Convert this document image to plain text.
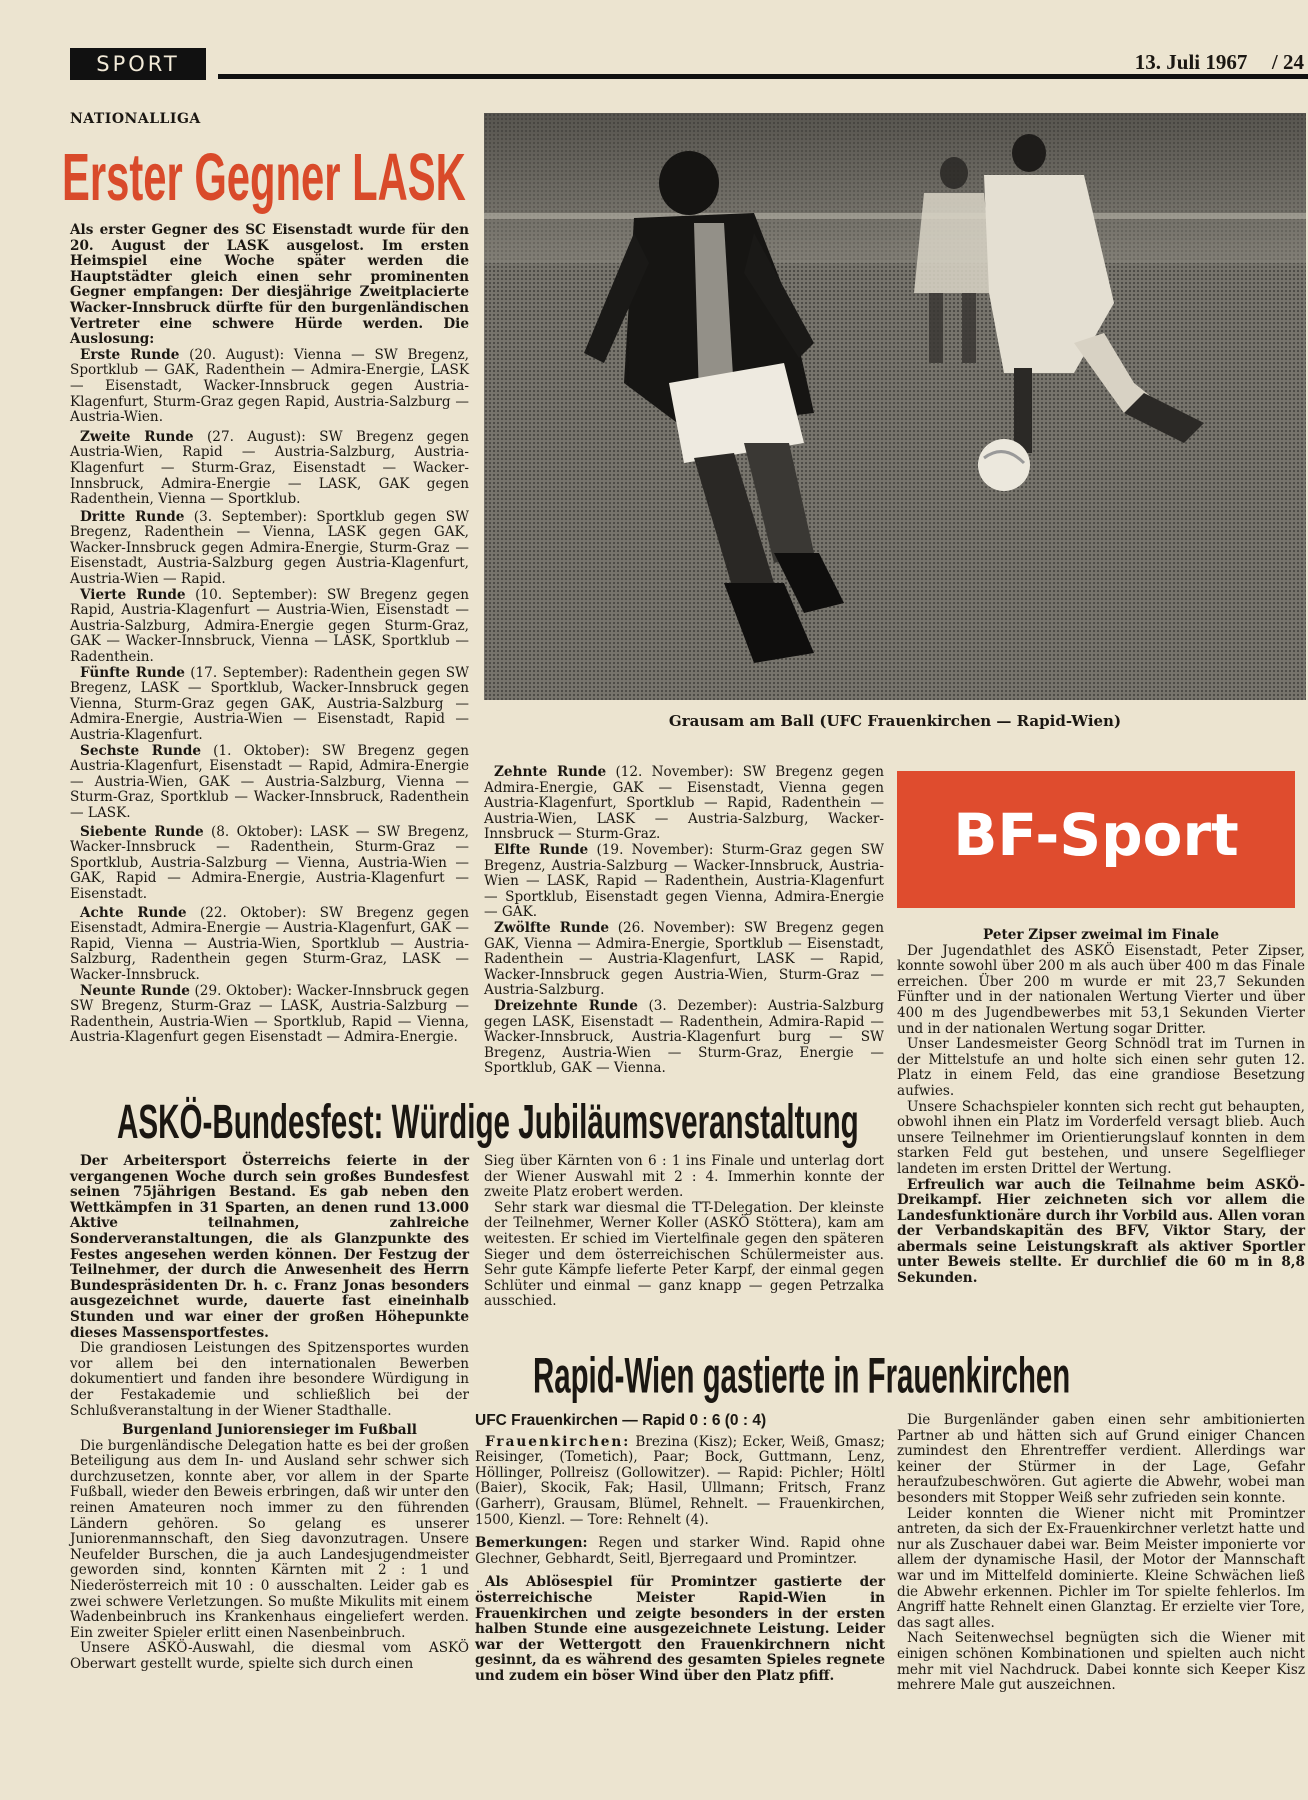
SPORT	13. Juli 1967 / 24
NATIONALLIGA
Erster Gegner LASK

Als erster Gegner des SC Eisenstadt wurde für den 20. August der LASK ausgelost. Im ersten Heimspiel eine Woche später werden die Hauptstädter gleich einen sehr prominenten Gegner empfangen: Der diesjährige Zweitplacierte Wacker-Innsbruck dürfte für den burgenländischen Vertreter eine schwere Hürde werden. Die Auslosung:

Erste Runde (20. August): Vienna — SW Bregenz, Sportklub — GAK, Radenthein — Admira-Energie, LASK — Eisenstadt, Wacker-Innsbruck gegen Austria-Klagenfurt, Sturm-Graz gegen Rapid, Austria-Salzburg — Austria-Wien.

Zweite Runde (27. August): SW Bregenz gegen Austria-Wien, Rapid — Austria-Salzburg, Austria-Klagenfurt — Sturm-Graz, Eisenstadt — Wacker-Innsbruck, Admira-Energie — LASK, GAK gegen Radenthein, Vienna — Sportklub.

Dritte Runde (3. September): Sportklub gegen SW Bregenz, Radenthein — Vienna, LASK gegen GAK, Wacker-Innsbruck gegen Admira-Energie, Sturm-Graz — Eisenstadt, Austria-Salzburg gegen Austria-Klagenfurt, Austria-Wien — Rapid.

Vierte Runde (10. September): SW Bregenz gegen Rapid, Austria-Klagenfurt — Austria-Wien, Eisenstadt — Austria-Salzburg, Admira-Energie gegen Sturm-Graz, GAK — Wacker-Innsbruck, Vienna — LASK, Sportklub — Radenthein.

Fünfte Runde (17. September): Radenthein gegen SW Bregenz, LASK — Sportklub, Wacker-Innsbruck gegen Vienna, Sturm-Graz gegen GAK, Austria-Salzburg — Admira-Energie, Austria-Wien — Eisenstadt, Rapid — Austria-Klagenfurt.

Sechste Runde (1. Oktober): SW Bregenz gegen Austria-Klagenfurt, Eisenstadt — Rapid, Admira-Energie — Austria-Wien, GAK — Austria-Salzburg, Vienna — Sturm-Graz, Sportklub — Wacker-Innsbruck, Radenthein — LASK.

Siebente Runde (8. Oktober): LASK — SW Bregenz, Wacker-Innsbruck — Radenthein, Sturm-Graz — Sportklub, Austria-Salzburg — Vienna, Austria-Wien — GAK, Rapid — Admira-Energie, Austria-Klagenfurt — Eisenstadt.

Achte Runde (22. Oktober): SW Bregenz gegen Eisenstadt, Admira-Energie — Austria-Klagenfurt, GAK — Rapid, Vienna — Austria-Wien, Sportklub — Austria-Salzburg, Radenthein gegen Sturm-Graz, LASK — Wacker-Innsbruck.

Neunte Runde (29. Oktober): Wacker-Innsbruck gegen SW Bregenz, Sturm-Graz — LASK, Austria-Salzburg — Radenthein, Austria-Wien — Sportklub, Rapid — Vienna, Austria-Klagenfurt gegen Eisenstadt — Admira-Energie.

Zehnte Runde (12. November): SW Bregenz gegen Admira-Energie, GAK — Eisenstadt, Vienna gegen Austria-Klagenfurt, Sportklub — Rapid, Radenthein — Austria-Wien, LASK — Austria-Salzburg, Wacker-Innsbruck — Sturm-Graz.

Elfte Runde (19. November): Sturm-Graz gegen SW Bregenz, Austria-Salzburg — Wacker-Innsbruck, Austria-Wien — LASK, Rapid — Radenthein, Austria-Klagenfurt — Sportklub, Eisenstadt gegen Vienna, Admira-Energie — GAK.

Zwölfte Runde (26. November): SW Bregenz gegen GAK, Vienna — Admira-Energie, Sportklub — Eisenstadt, Radenthein — Austria-Klagenfurt, LASK — Rapid, Wacker-Innsbruck gegen Austria-Wien, Sturm-Graz — Austria-Salzburg.

Dreizehnte Runde (3. Dezember): Austria-Salzburg gegen LASK, Eisenstadt — Radenthein, Admira-Rapid — Wacker-Innsbruck, Austria-Klagenfurt burg — SW Bregenz, Austria-Wien — Sturm-Graz, Energie — Sportklub, GAK — Vienna.

Grausam am Ball (UFC Frauenkirchen — Rapid-Wien)
BF-Sport

Peter Zipser zweimal im Finale

Der Jugendathlet des ASKÖ Eisenstadt, Peter Zipser, konnte sowohl über 200 m als auch über 400 m das Finale erreichen. Über 200 m wurde er mit 23,7 Sekunden Fünfter und in der nationalen Wertung Vierter und über 400 m des Jugendbewerbes mit 53,1 Sekunden Vierter und in der nationalen Wertung sogar Dritter.

Unser Landesmeister Georg Schnödl trat im Turnen in der Mittelstufe an und holte sich einen sehr guten 12. Platz in einem Feld, das eine grandiose Besetzung aufwies.

Unsere Schachspieler konnten sich recht gut behaupten, obwohl ihnen ein Platz im Vorderfeld versagt blieb. Auch unsere Teilnehmer im Orientierungslauf konnten in dem starken Feld gut bestehen, und unsere Segelflieger landeten im ersten Drittel der Wertung.

Erfreulich war auch die Teilnahme beim ASKÖ-Dreikampf. Hier zeichneten sich vor allem die Landesfunktionäre durch ihr Vorbild aus. Allen voran der Verbandskapitän des BFV, Viktor Stary, der abermals seine Leistungskraft als aktiver Sportler unter Beweis stellte. Er durchlief die 60 m in 8,8 Sekunden.

ASKÖ-Bundesfest: Würdige Jubiläumsveranstaltung

Der Arbeitersport Österreichs feierte in der vergangenen Woche durch sein großes Bundesfest seinen 75jährigen Bestand. Es gab neben den Wettkämpfen in 31 Sparten, an denen rund 13.000 Aktive teilnahmen, zahlreiche Sonderveranstaltungen, die als Glanzpunkte des Festes angesehen werden können. Der Festzug der Teilnehmer, der durch die Anwesenheit des Herrn Bundespräsidenten Dr. h. c. Franz Jonas besonders ausgezeichnet wurde, dauerte fast eineinhalb Stunden und war einer der großen Höhepunkte dieses Massensportfestes.

Die grandiosen Leistungen des Spitzensportes wurden vor allem bei den internationalen Bewerben dokumentiert und fanden ihre besondere Würdigung in der Festakademie und schließlich bei der Schlußveranstaltung in der Wiener Stadthalle.

Burgenland Juniorensieger im Fußball

Die burgenländische Delegation hatte es bei der großen Beteiligung aus dem In- und Ausland sehr schwer sich durchzusetzen, konnte aber, vor allem in der Sparte Fußball, wieder den Beweis erbringen, daß wir unter den reinen Amateuren noch immer zu den führenden Ländern gehören. So gelang es unserer Juniorenmannschaft, den Sieg davonzutragen. Unsere Neufelder Burschen, die ja auch Landesjugendmeister geworden sind, konnten Kärnten mit 2 : 1 und Niederösterreich mit 10 : 0 ausschalten. Leider gab es zwei schwere Verletzungen. So mußte Mikulits mit einem Wadenbeinbruch ins Krankenhaus eingeliefert werden. Ein zweiter Spieler erlitt einen Nasenbeinbruch.

Unsere ASKÖ-Auswahl, die diesmal vom ASKÖ Oberwart gestellt wurde, spielte sich durch einen

Sieg über Kärnten von 6 : 1 ins Finale und unterlag dort der Wiener Auswahl mit 2 : 4. Immerhin konnte der zweite Platz erobert werden.

Sehr stark war diesmal die TT-Delegation. Der kleinste der Teilnehmer, Werner Koller (ASKÖ Stöttera), kam am weitesten. Er schied im Viertelfinale gegen den späteren Sieger und dem österreichischen Schülermeister aus. Sehr gute Kämpfe lieferte Peter Karpf, der einmal gegen Schlüter und einmal — ganz knapp — gegen Petrzalka ausschied.

Rapid-Wien gastierte in Frauenkirchen

UFC Frauenkirchen — Rapid 0 : 6 (0 : 4)

Frauenkirchen: Brezina (Kisz); Ecker, Weiß, Gmasz; Reisinger, (Tometich), Paar; Bock, Guttmann, Lenz, Höllinger, Pollreisz (Gollowitzer). — Rapid: Pichler; Höltl (Baier), Skocik, Fak; Hasil, Ullmann; Fritsch, Franz (Garherr), Grausam, Blümel, Rehnelt. — Frauenkirchen, 1500, Kienzl. — Tore: Rehnelt (4).

Bemerkungen: Regen und starker Wind. Rapid ohne Glechner, Gebhardt, Seitl, Bjerregaard und Promintzer.

Als Ablösespiel für Promintzer gastierte der österreichische Meister Rapid-Wien in Frauenkirchen und zeigte besonders in der ersten halben Stunde eine ausgezeichnete Leistung. Leider war der Wettergott den Frauenkirchnern nicht gesinnt, da es während des gesamten Spieles regnete und zudem ein böser Wind über den Platz pfiff.

Die Burgenländer gaben einen sehr ambitionierten Partner ab und hätten sich auf Grund einiger Chancen zumindest den Ehrentreffer verdient. Allerdings war keiner der Stürmer in der Lage, Gefahr heraufzubeschwören. Gut agierte die Abwehr, wobei man besonders mit Stopper Weiß sehr zufrieden sein konnte.

Leider konnten die Wiener nicht mit Promintzer antreten, da sich der Ex-Frauenkirchner verletzt hatte und nur als Zuschauer dabei war. Beim Meister imponierte vor allem der dynamische Hasil, der Motor der Mannschaft war und im Mittelfeld dominierte. Kleine Schwächen ließ die Abwehr erkennen. Pichler im Tor spielte fehlerlos. Im Angriff hatte Rehnelt einen Glanztag. Er erzielte vier Tore, das sagt alles.

Nach Seitenwechsel begnügten sich die Wiener mit einigen schönen Kombinationen und spielten auch nicht mehr mit viel Nachdruck. Dabei konnte sich Keeper Kisz mehrere Male gut auszeichnen.
